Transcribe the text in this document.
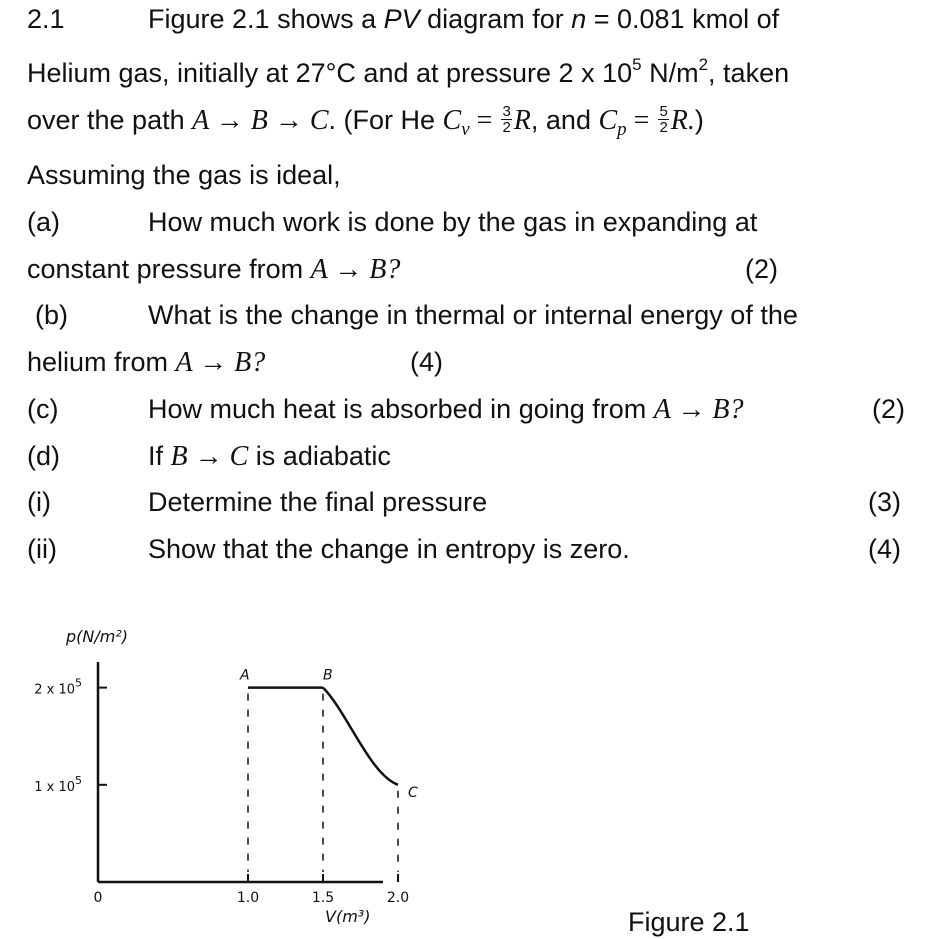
2.1	Figure 2.1 shows a PV diagram for n = 0.081 kmol of
Helium gas, initially at 27°C and at pressure 2 x $10^5$ $N/m^2$, taken
over the path A → B → C. (For He $C_v = \frac{3}{2} R$, and $C_p = \frac{5}{2} R$.)
Assuming the gas is ideal,
(a)	How much work is done by the gas in expanding at
constant pressure from A → B?	(2)
(b)	What is the change in thermal or internal energy of the
helium from A → B?	(4)
(c)	How much heat is absorbed in going from A → B?	(2)
(d)	If B → C is adiabatic
(i)	Determine the final pressure	(3)
(ii)	Show that the change in entropy is zero.	(4)
p(N/m²)
V(m³)
1 x $10^5$
2 x $10^5$
0	1.0	1.5	2.0
A	B
C
Figure 2.1
